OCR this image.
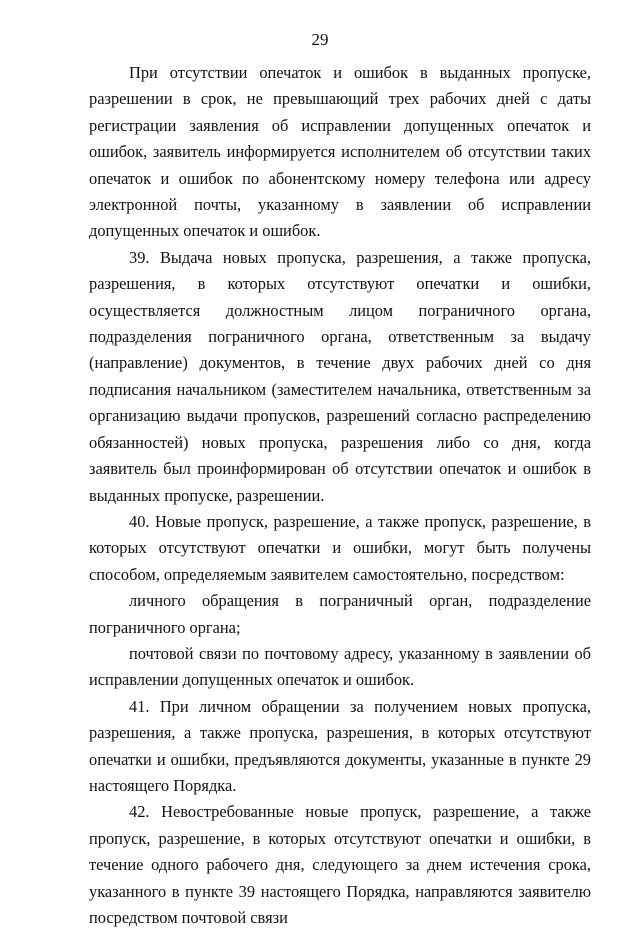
29

При отсутствии опечаток и ошибок в выданных пропуске, разрешении в срок, не превышающий трех рабочих дней с даты регистрации заявления об исправлении допущенных опечаток и ошибок, заявитель информируется исполнителем об отсутствии таких опечаток и ошибок по абонентскому номеру телефона или адресу электронной почты, указанному в заявлении об исправлении допущенных опечаток и ошибок.

39. Выдача новых пропуска, разрешения, а также пропуска, разрешения, в которых отсутствуют опечатки и ошибки, осуществляется должностным лицом пограничного органа, подразделения пограничного органа, ответственным за выдачу (направление) документов, в течение двух рабочих дней со дня подписания начальником (заместителем начальника, ответственным за организацию выдачи пропусков, разрешений согласно распределению обязанностей) новых пропуска, разрешения либо со дня, когда заявитель был проинформирован об отсутствии опечаток и ошибок в выданных пропуске, разрешении.

40. Новые пропуск, разрешение, а также пропуск, разрешение, в которых отсутствуют опечатки и ошибки, могут быть получены способом, определяемым заявителем самостоятельно, посредством:

личного обращения в пограничный орган, подразделение пограничного органа;

почтовой связи по почтовому адресу, указанному в заявлении об исправлении допущенных опечаток и ошибок.

41. При личном обращении за получением новых пропуска, разрешения, а также пропуска, разрешения, в которых отсутствуют опечатки и ошибки, предъявляются документы, указанные в пункте 29 настоящего Порядка.

42. Невостребованные новые пропуск, разрешение, а также пропуск, разрешение, в которых отсутствуют опечатки и ошибки, в течение одного рабочего дня, следующего за днем истечения срока, указанного в пункте 39 настоящего Порядка, направляются заявителю посредством почтовой связи
